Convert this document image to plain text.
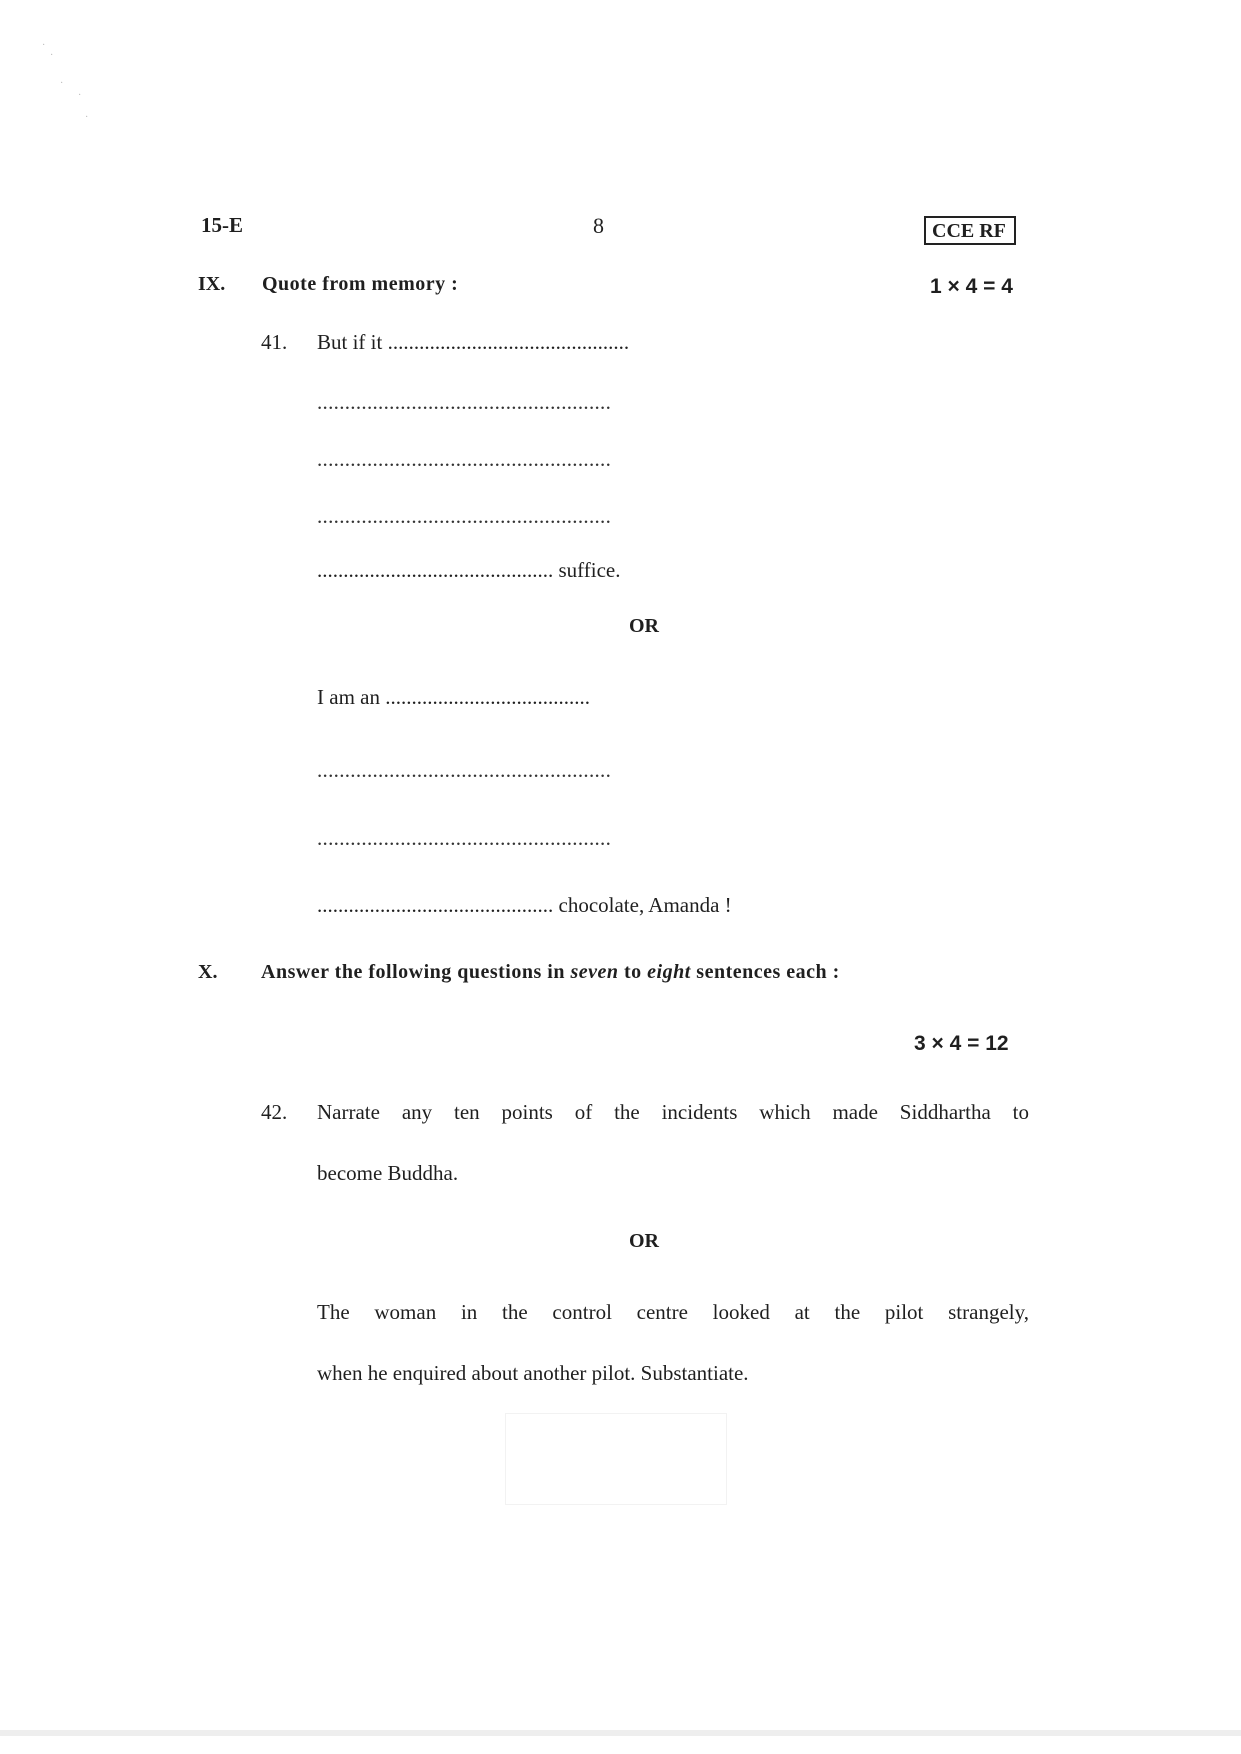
·
·
·
·
·
15-E	8	CCE RF
IX. Quote from memory :	1 × 4 = 4
41. But if it ..............................................
.....................................................
.....................................................
.....................................................
............................................. suffice.
OR
I am an .......................................
.....................................................
.....................................................
............................................. chocolate, Amanda !
X. Answer the following questions in seven to eight sentences each :
3 × 4 = 12
42. Narrate any ten points of the incidents which made Siddhartha to
become Buddha.
OR
The woman in the control centre looked at the pilot strangely,
when he enquired about another pilot. Substantiate.
